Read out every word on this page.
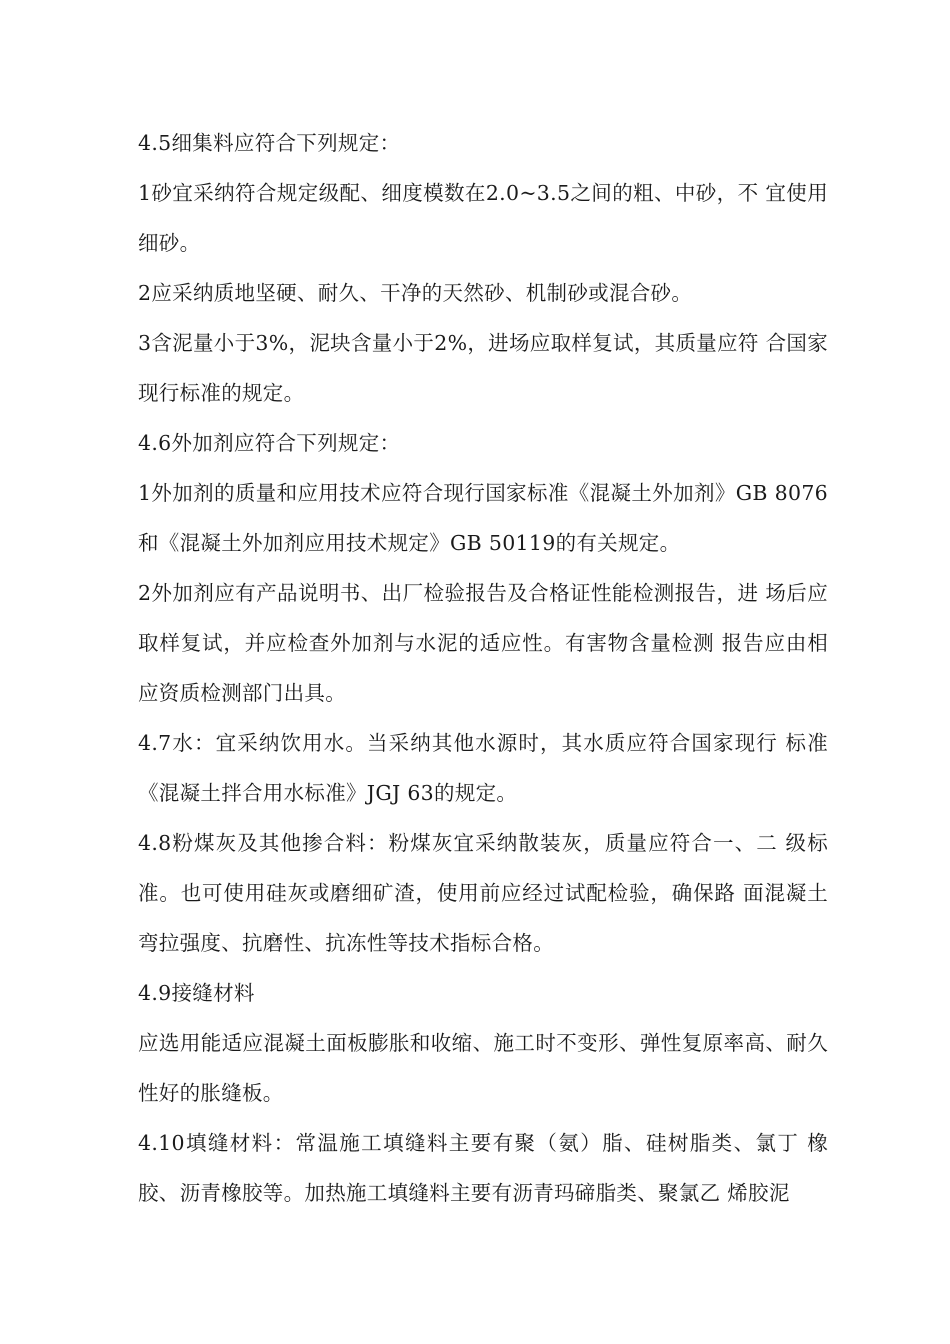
4.5细集料应符合下列规定：

1砂宜采纳符合规定级配、细度模数在2.0~3.5之间的粗、中砂，不 宜使用细砂。

2应采纳质地坚硬、耐久、干净的天然砂、机制砂或混合砂。

3含泥量小于3%，泥块含量小于2%，进场应取样复试，其质量应符 合国家现行标准的规定。

4.6外加剂应符合下列规定：

1外加剂的质量和应用技术应符合现行国家标准《混凝土外加剂》GB 8076和《混凝土外加剂应用技术规定》GB 50119的有关规定。

2外加剂应有产品说明书、出厂检验报告及合格证性能检测报告，进 场后应取样复试，并应检查外加剂与水泥的适应性。有害物含量检测 报告应由相应资质检测部门出具。

4.7水：宜采纳饮用水。当采纳其他水源时，其水质应符合国家现行 标准《混凝土拌合用水标准》JGJ 63的规定。

4.8粉煤灰及其他掺合料：粉煤灰宜采纳散装灰，质量应符合一、二 级标准。也可使用硅灰或磨细矿渣，使用前应经过试配检验，确保路 面混凝土弯拉强度、抗磨性、抗冻性等技术指标合格。

4.9接缝材料

应选用能适应混凝土面板膨胀和收缩、施工时不变形、弹性复原率高、耐久性好的胀缝板。

4.10填缝材料：常温施工填缝料主要有聚（氨）脂、硅树脂类、氯丁 橡胶、沥青橡胶等。加热施工填缝料主要有沥青玛碲脂类、聚氯乙 烯胶泥
